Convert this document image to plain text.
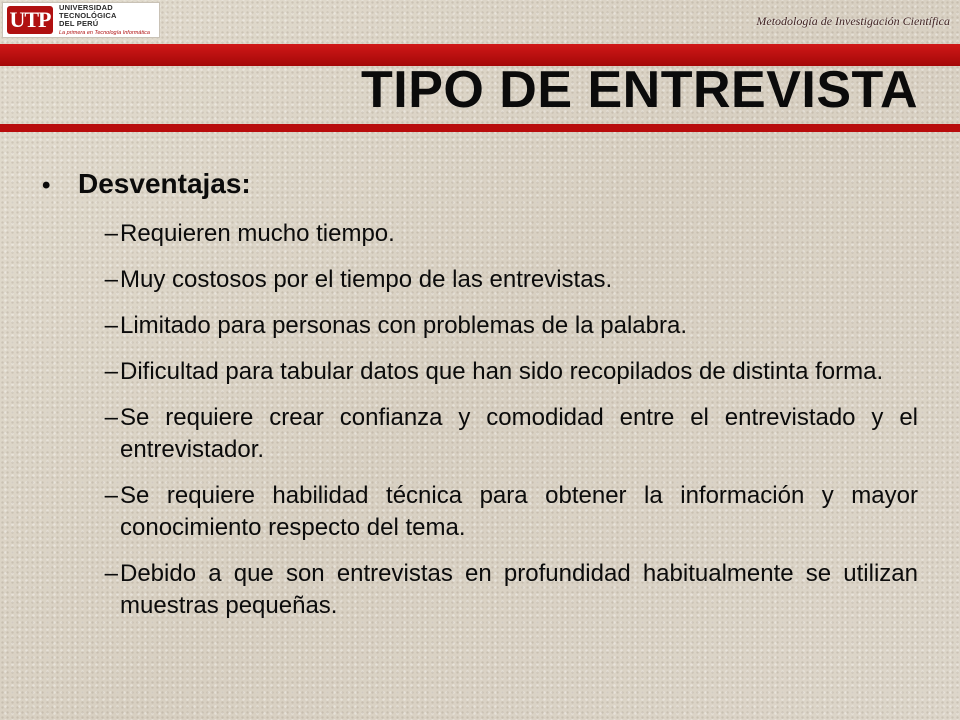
UTP	UNIVERSIDAD
TECNOLÓGICA
DEL PERÚ
La primera en Tecnología Informática
Metodología de Investigación Científica
TIPO DE ENTREVISTA
• Desventajas:
– Requieren mucho tiempo.
– Muy costosos por el tiempo de las entrevistas.
– Limitado para personas con problemas de la palabra.
– Dificultad para tabular datos que han sido recopilados de distinta forma.
– Se requiere crear confianza y comodidad entre el entrevistado y el entrevistador.
– Se requiere habilidad técnica para obtener la información y mayor conocimiento respecto del tema.
– Debido a que son entrevistas en profundidad habitualmente se utilizan muestras pequeñas.
